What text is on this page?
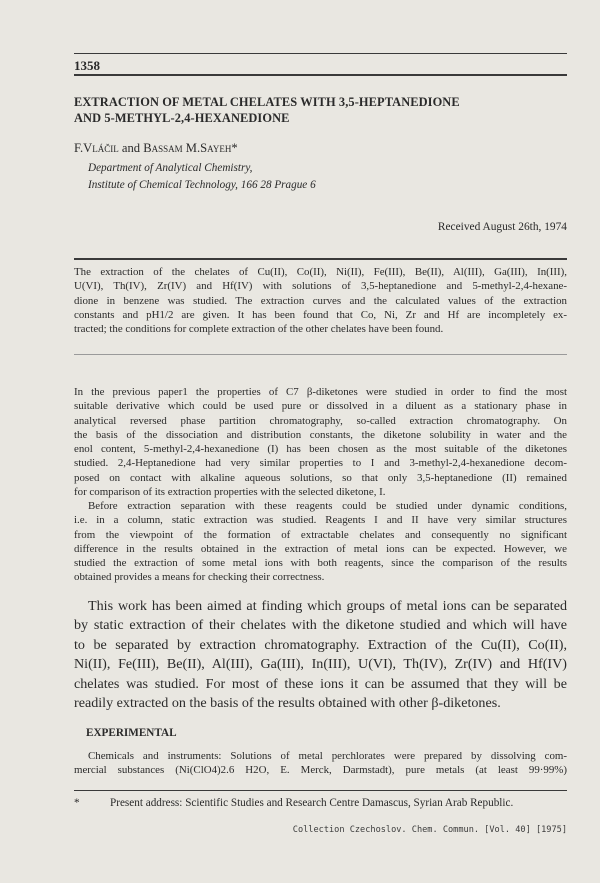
1358
EXTRACTION OF METAL CHELATES WITH 3,5-HEPTANEDIONE
AND 5-METHYL-2,4-HEXANEDIONE
F.Vláčil and Bassam M.Sayeh*
Department of Analytical Chemistry,
Institute of Chemical Technology, 166 28 Prague 6
Received August 26th, 1974
The extraction of the chelates of Cu(II), Co(II), Ni(II), Fe(III), Be(II), Al(III), Ga(III), In(III),
U(VI), Th(IV), Zr(IV) and Hf(IV) with solutions of 3,5-heptanedione and 5-methyl-2,4-hexane-
dione in benzene was studied. The extraction curves and the calculated values of the extraction
constants and pH1/2 are given. It has been found that Co, Ni, Zr and Hf are incompletely ex-
tracted; the conditions for complete extraction of the other chelates have been found.
In the previous paper1 the properties of C7 β-diketones were studied in order to find the most
suitable derivative which could be used pure or dissolved in a diluent as a stationary phase in
analytical reversed phase partition chromatography, so-called extraction chromatography. On
the basis of the dissociation and distribution constants, the diketone solubility in water and the
enol content, 5-methyl-2,4-hexanedione (I) has been chosen as the most suitable of the diketones
studied. 2,4-Heptanedione had very similar properties to I and 3-methyl-2,4-hexanedione decom-
posed on contact with alkaline aqueous solutions, so that only 3,5-heptanedione (II) remained
for comparison of its extraction properties with the selected diketone, I.
Before extraction separation with these reagents could be studied under dynamic conditions,
i.e. in a column, static extraction was studied. Reagents I and II have very similar structures
from the viewpoint of the formation of extractable chelates and consequently no significant
difference in the results obtained in the extraction of metal ions can be expected. However, we
studied the extraction of some metal ions with both reagents, since the comparison of the results
obtained provides a means for checking their correctness.
This work has been aimed at finding which groups of metal ions can be separated
by static extraction of their chelates with the diketone studied and which will have
to be separated by extraction chromatography. Extraction of the Cu(II), Co(II),
Ni(II), Fe(III), Be(II), Al(III), Ga(III), In(III), U(VI), Th(IV), Zr(IV) and Hf(IV)
chelates was studied. For most of these ions it can be assumed that they will be
readily extracted on the basis of the results obtained with other β-diketones.
EXPERIMENTAL
Chemicals and instruments: Solutions of metal perchlorates were prepared by dissolving com-
mercial substances (Ni(ClO4)2.6 H2O, E. Merck, Darmstadt), pure metals (at least 99·99%)
*	Present address: Scientific Studies and Research Centre Damascus, Syrian Arab Republic.
Collection Czechoslov. Chem. Commun. [Vol. 40] [1975]
